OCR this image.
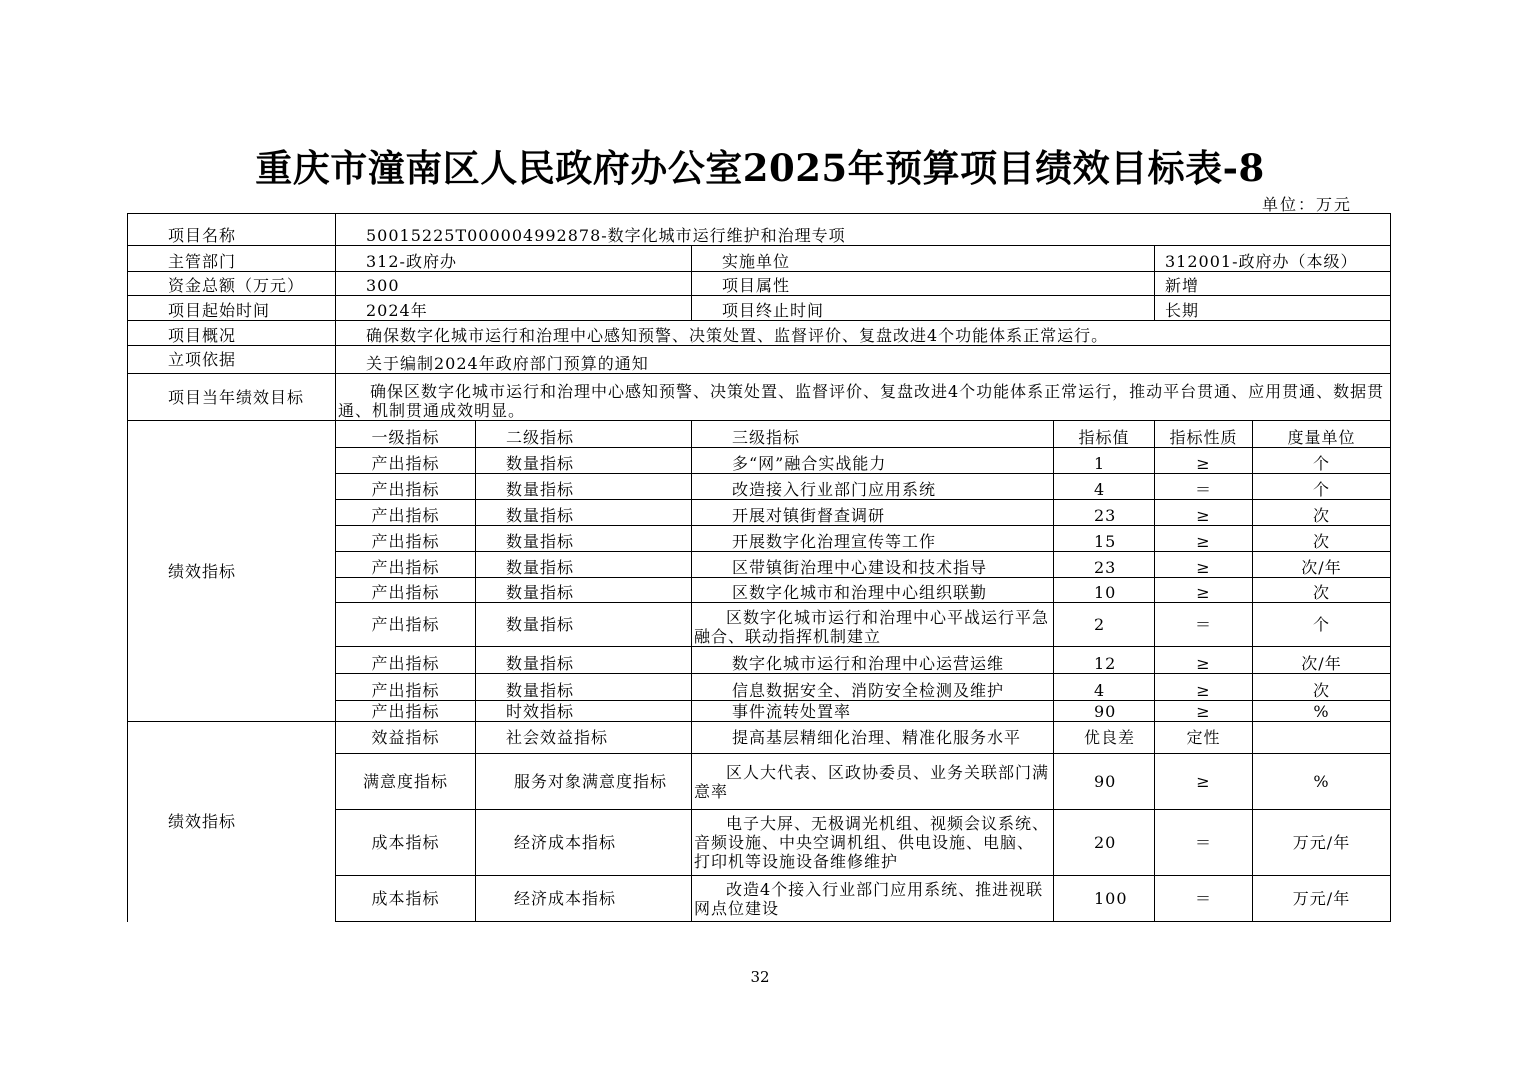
重庆市潼南区人民政府办公室2025年预算项目绩效目标表-8
单位：万元
项目名称	50015225T000004992878-数字化城市运行维护和治理专项					
主管部门	312-政府办		实施单位		312001-政府办（本级）	
资金总额（万元）	300		项目属性		新增	
项目起始时间	2024年		项目终止时间		长期	
项目概况	确保数字化城市运行和治理中心感知预警、决策处置、监督评价、复盘改进4个功能体系正常运行。					
立项依据	关于编制2024年政府部门预算的通知					
项目当年绩效目标	确保区数字化城市运行和治理中心感知预警、决策处置、监督评价、复盘改进4个功能体系正常运行，推动平台贯通、应用贯通、数据贯通、机制贯通成效明显。					
绩效指标	一级指标	二级指标	三级指标	指标值	指标性质	度量单位
	产出指标	数量指标	多“网”融合实战能力	1	≥	个
	产出指标	数量指标	改造接入行业部门应用系统	4	＝	个
	产出指标	数量指标	开展对镇街督查调研	23	≥	次
	产出指标	数量指标	开展数字化治理宣传等工作	15	≥	次
	产出指标	数量指标	区带镇街治理中心建设和技术指导	23	≥	次/年
	产出指标	数量指标	区数字化城市和治理中心组织联勤	10	≥	次
	产出指标	数量指标	区数字化城市运行和治理中心平战运行平急融合、联动指挥机制建立	2	＝	个
	产出指标	数量指标	数字化城市运行和治理中心运营运维	12	≥	次/年
	产出指标	数量指标	信息数据安全、消防安全检测及维护	4	≥	次
	产出指标	时效指标	事件流转处置率	90	≥	%
绩效指标	效益指标	社会效益指标	提高基层精细化治理、精准化服务水平	优良差	定性	
	满意度指标	服务对象满意度指标	区人大代表、区政协委员、业务关联部门满意率	90	≥	%
	成本指标	经济成本指标	电子大屏、无极调光机组、视频会议系统、音频设施、中央空调机组、供电设施、电脑、打印机等设施设备维修维护	20	＝	万元/年
	成本指标	经济成本指标	改造4个接入行业部门应用系统、推进视联网点位建设	100	＝	万元/年
32
